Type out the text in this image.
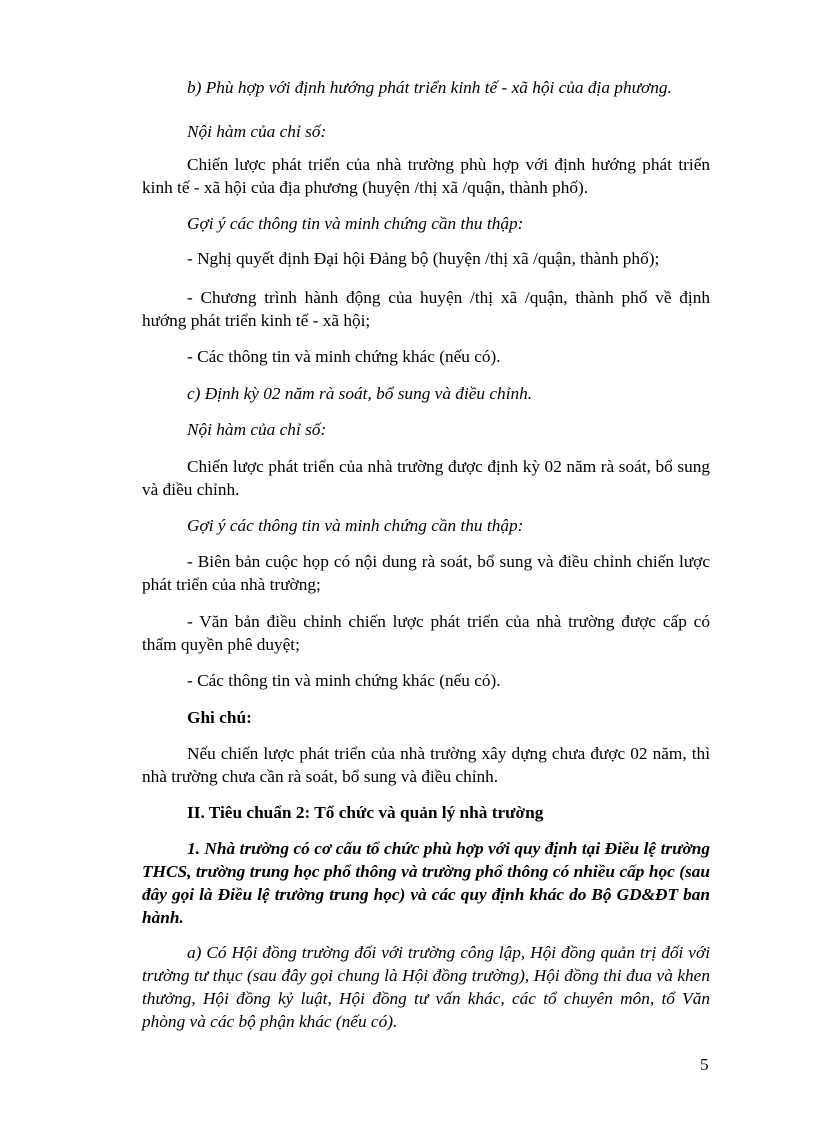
b) Phù hợp với định hướng phát triển kinh tế - xã hội của địa phương.

Nội hàm của chỉ số:

Chiến lược phát triển của nhà trường phù hợp với định hướng phát triển kinh tế - xã hội của địa phương (huyện /thị xã /quận, thành phố).

Gợi ý các thông tin và minh chứng cần thu thập:

- Nghị quyết định Đại hội Đảng bộ (huyện /thị xã /quận, thành phố);

- Chương trình hành động của huyện /thị xã /quận, thành phố về định hướng phát triển kinh tế - xã hội;

- Các thông tin và minh chứng khác (nếu có).

c) Định kỳ 02 năm rà soát, bổ sung và điều chỉnh.

Nội hàm của chỉ số:

Chiến lược phát triển của nhà trường được định kỳ 02 năm rà soát, bổ sung và điều chỉnh.

Gợi ý các thông tin và minh chứng cần thu thập:

- Biên bản cuộc họp có nội dung rà soát, bổ sung và điều chỉnh chiến lược phát triển của nhà trường;

- Văn bản điều chỉnh chiến lược phát triển của nhà trường được cấp có thẩm quyền phê duyệt;

- Các thông tin và minh chứng khác (nếu có).

Ghi chú:

Nếu chiến lược phát triển của nhà trường xây dựng chưa được 02 năm, thì nhà trường chưa cần rà soát, bổ sung và điều chỉnh.

II. Tiêu chuẩn 2: Tổ chức và quản lý nhà trường

1. Nhà trường có cơ cấu tổ chức phù hợp với quy định tại Điều lệ trường THCS, trường trung học phổ thông và trường phổ thông có nhiều cấp học (sau đây gọi là Điều lệ trường trung học) và các quy định khác do Bộ GD&ĐT ban hành.

a) Có Hội đồng trường đối với trường công lập, Hội đồng quản trị đối với trường tư thục (sau đây gọi chung là Hội đồng trường), Hội đồng thi đua và khen thưởng, Hội đồng kỷ luật, Hội đồng tư vấn khác, các tổ chuyên môn, tổ Văn phòng và các bộ phận khác (nếu có).

5
